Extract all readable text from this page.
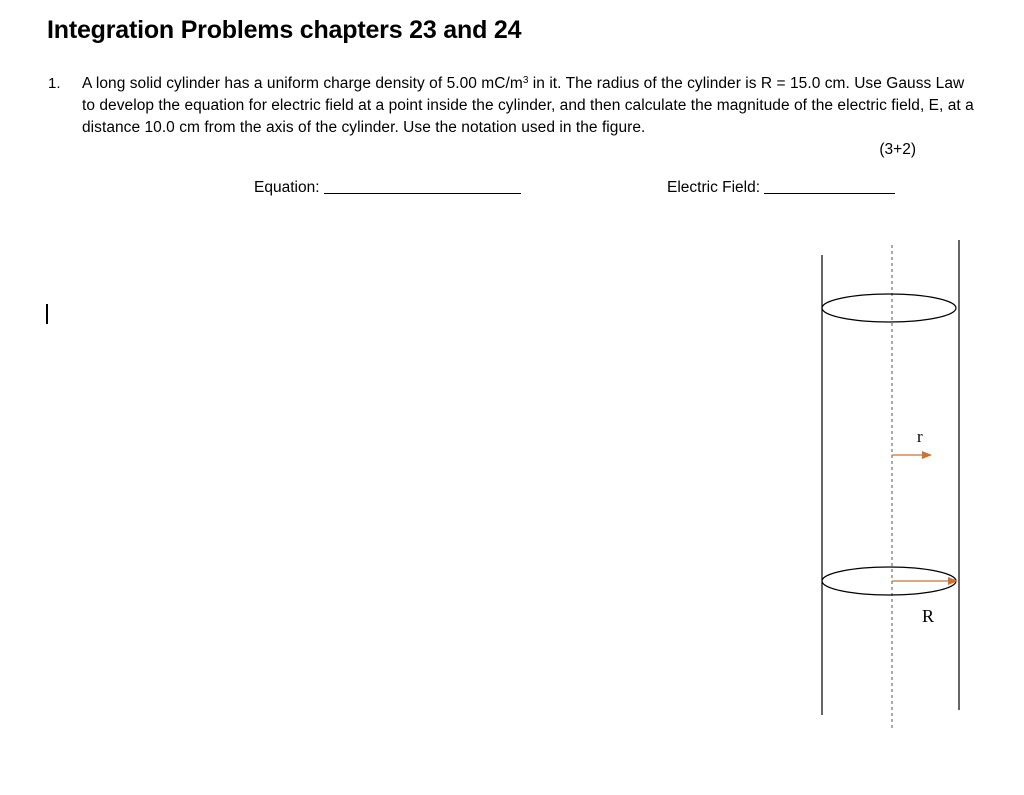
Integration Problems chapters 23 and 24
1. A long solid cylinder has a uniform charge density of 5.00 $mC/m^3$ in it. The radius of the cylinder is R = 15.0 cm. Use Gauss Law to develop the equation for electric field at a point inside the cylinder, and then calculate the magnitude of the electric field, E, at a distance 10.0 cm from the axis of the cylinder. Use the notation used in the figure.
(3+2)
Equation:	Electric Field:
r
R
